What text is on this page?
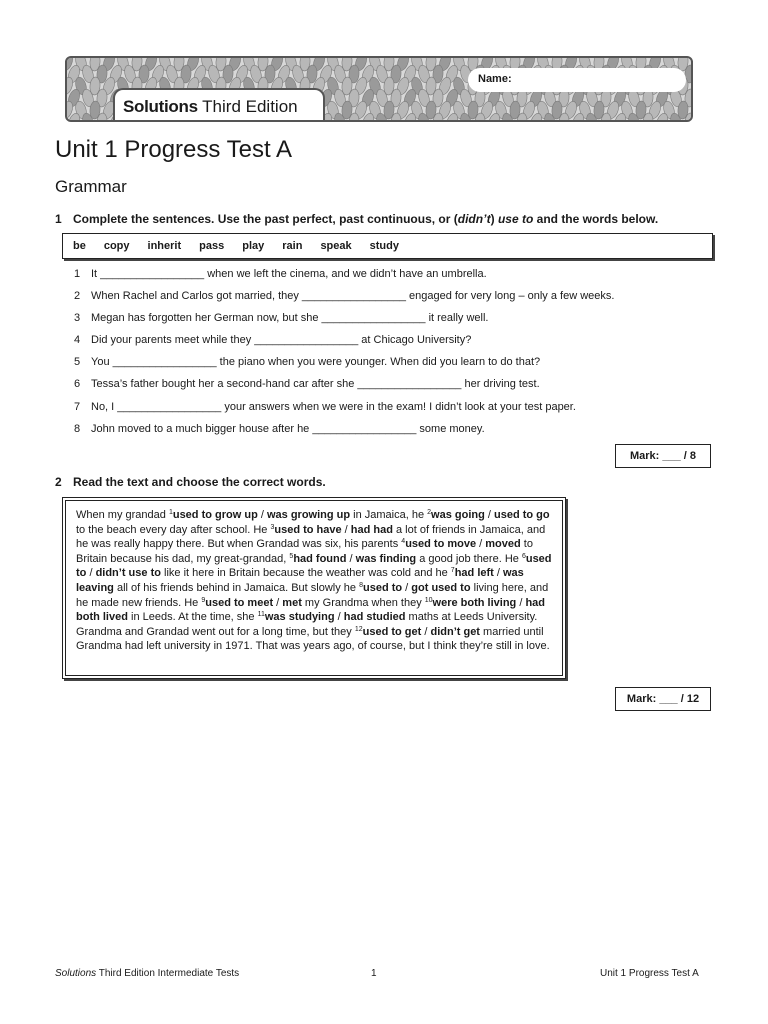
Solutions Third Edition
Name:
Unit 1 Progress Test A
Grammar
1 Complete the sentences. Use the past perfect, past continuous, or (didn’t) use to and the words below.
be copy inherit pass play rain speak study
1 It _________________ when we left the cinema, and we didn’t have an umbrella.
2 When Rachel and Carlos got married, they _________________ engaged for very long – only a few weeks.
3 Megan has forgotten her German now, but she _________________ it really well.
4 Did your parents meet while they _________________ at Chicago University?
5 You _________________ the piano when you were younger. When did you learn to do that?
6 Tessa’s father bought her a second-hand car after she _________________ her driving test.
7 No, I _________________ your answers when we were in the exam! I didn’t look at your test paper.
8 John moved to a much bigger house after he _________________ some money.
Mark: ___ / 8
2 Read the text and choose the correct words.
When my grandad $^1$used to grow up / was growing up in Jamaica, he $^2$was going / used to go to the beach every day after school. He $^3$used to have / had had a lot of friends in Jamaica, and he was really happy there. But when Grandad was six, his parents $^4$used to move / moved to Britain because his dad, my great-grandad, $^5$had found / was finding a good job there. He $^6$used to / didn’t use to like it here in Britain because the weather was cold and he $^7$had left / was leaving all of his friends behind in Jamaica. But slowly he $^8$used to / got used to living here, and he made new friends. He $^9$used to meet / met my Grandma when they $^{10}$were both living / had both lived in Leeds. At the time, she $^{11}$was studying / had studied maths at Leeds University. Grandma and Grandad went out for a long time, but they $^{12}$used to get / didn’t get married until Grandma had left university in 1971. That was years ago, of course, but I think they’re still in love.
Mark: ___ / 12
Solutions Third Edition Intermediate Tests	1	Unit 1 Progress Test A
